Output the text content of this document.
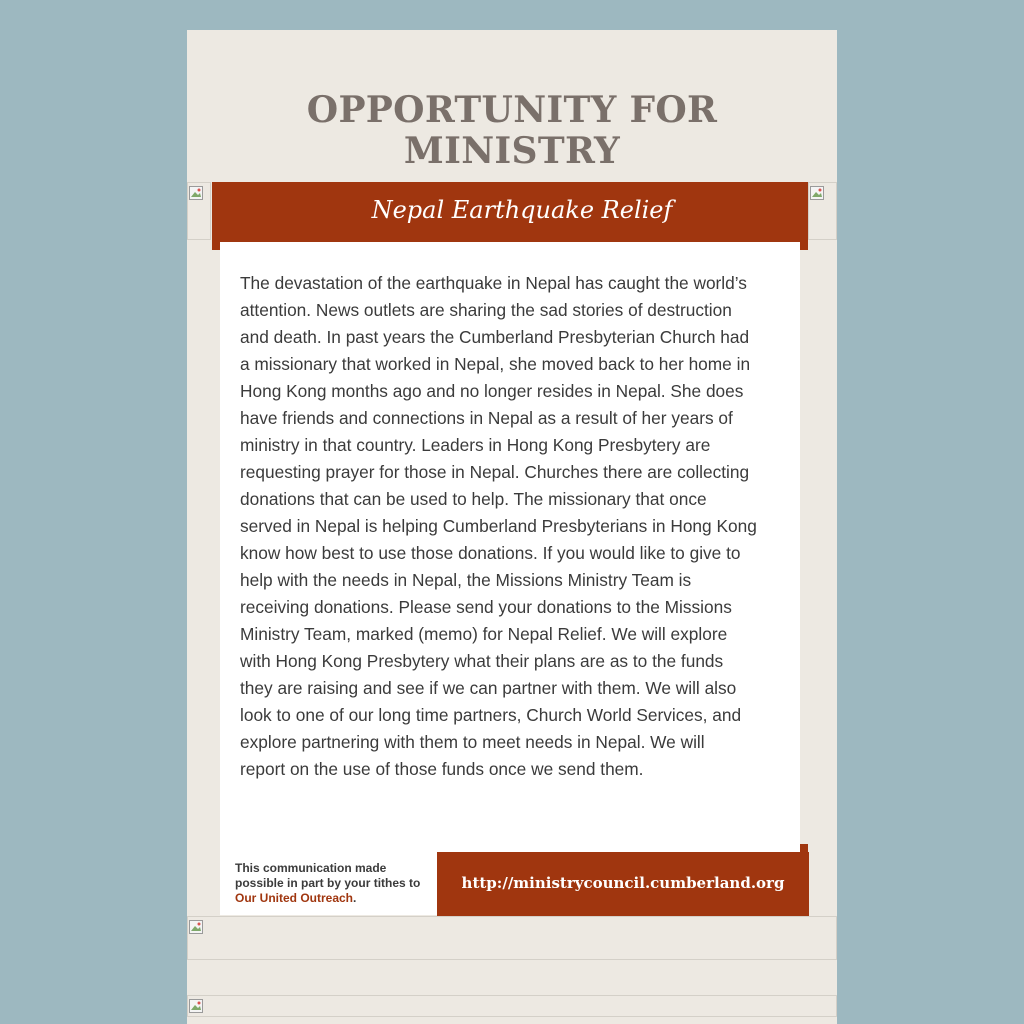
OPPORTUNITY FOR
MINISTRY
Nepal Earthquake Relief
The devastation of the earthquake in Nepal has caught the world’s
attention. News outlets are sharing the sad stories of destruction
and death. In past years the Cumberland Presbyterian Church had
a missionary that worked in Nepal, she moved back to her home in
Hong Kong months ago and no longer resides in Nepal. She does
have friends and connections in Nepal as a result of her years of
ministry in that country. Leaders in Hong Kong Presbytery are
requesting prayer for those in Nepal. Churches there are collecting
donations that can be used to help. The missionary that once
served in Nepal is helping Cumberland Presbyterians in Hong Kong
know how best to use those donations. If you would like to give to
help with the needs in Nepal, the Missions Ministry Team is
receiving donations. Please send your donations to the Missions
Ministry Team, marked (memo) for Nepal Relief. We will explore
with Hong Kong Presbytery what their plans are as to the funds
they are raising and see if we can partner with them. We will also
look to one of our long time partners, Church World Services, and
explore partnering with them to meet needs in Nepal. We will
report on the use of those funds once we send them.
This communication made possible in part by your tithes to Our United Outreach.
http://ministrycouncil.cumberland.org
